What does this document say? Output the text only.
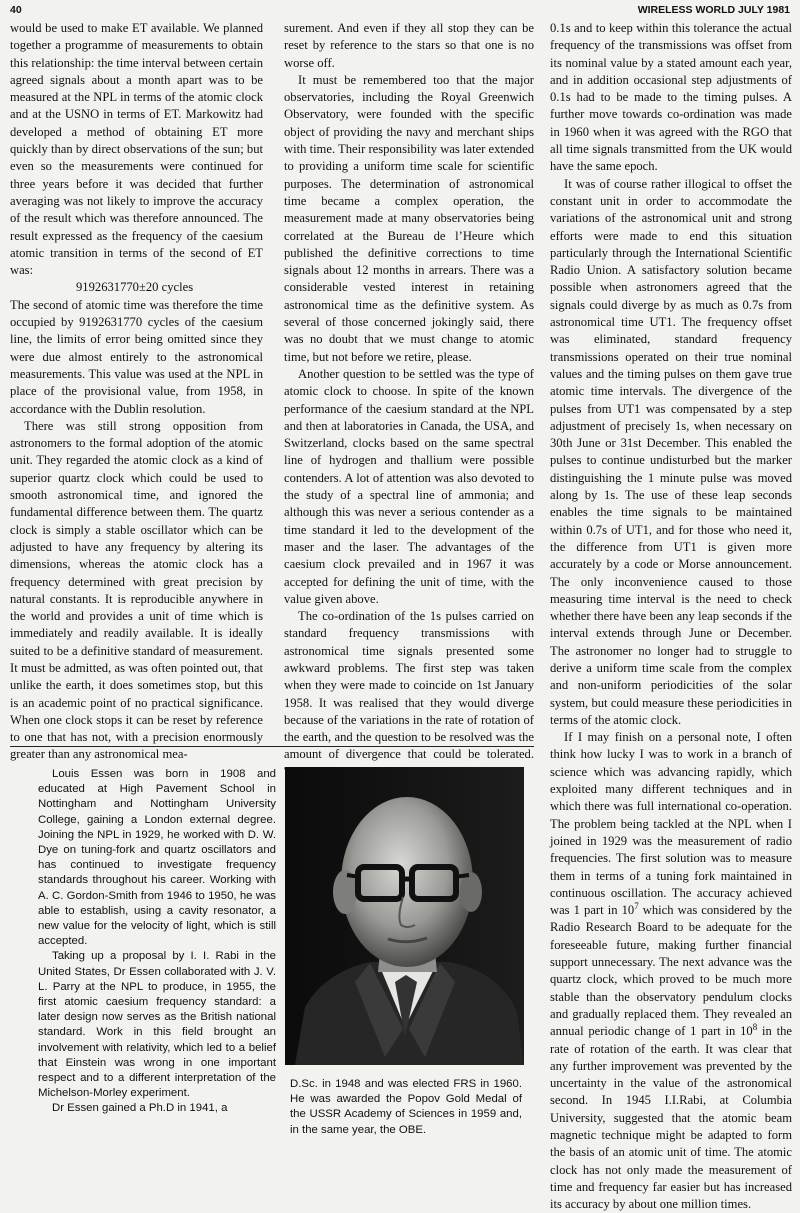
40	WIRELESS WORLD JULY 1981

would be used to make ET available. We planned together a programme of measurements to obtain this relationship: the time interval between certain agreed signals about a month apart was to be measured at the NPL in terms of the atomic clock and at the USNO in terms of ET. Markowitz had developed a method of obtaining ET more quickly than by direct observations of the sun; but even so the measurements were continued for three years before it was decided that further averaging was not likely to improve the accuracy of the result which was therefore announced. The result expressed as the frequency of the caesium atomic transition in terms of the second of ET was:

9192631770±20 cycles

The second of atomic time was therefore the time occupied by 9192631770 cycles of the caesium line, the limits of error being omitted since they were due almost entirely to the astronomical measurements. This value was used at the NPL in place of the provisional value, from 1958, in accordance with the Dublin resolution.

There was still strong opposition from astronomers to the formal adoption of the atomic unit. They regarded the atomic clock as a kind of superior quartz clock which could be used to smooth astronomical time, and ignored the fundamental difference between them. The quartz clock is simply a stable oscillator which can be adjusted to have any frequency by altering its dimensions, whereas the atomic clock has a frequency determined with great precision by natural constants. It is reproducible anywhere in the world and provides a unit of time which is immediately and readily available. It is ideally suited to be a definitive standard of measurement. It must be admitted, as was often pointed out, that unlike the earth, it does sometimes stop, but this is an academic point of no practical significance. When one clock stops it can be reset by reference to one that has not, with a precision enormously greater than any astronomical mea-

surement. And even if they all stop they can be reset by reference to the stars so that one is no worse off.

It must be remembered too that the major observatories, including the Royal Greenwich Observatory, were founded with the specific object of providing the navy and merchant ships with time. Their responsibility was later extended to providing a uniform time scale for scientific purposes. The determination of astronomical time became a complex operation, the measurement made at many observatories being correlated at the Bureau de l’Heure which published the definitive corrections to time signals about 12 months in arrears. There was a considerable vested interest in retaining astronomical time as the definitive system. As several of those concerned jokingly said, there was no doubt that we must change to atomic time, but not before we retire, please.

Another question to be settled was the type of atomic clock to choose. In spite of the known performance of the caesium standard at the NPL and then at laboratories in Canada, the USA, and Switzerland, clocks based on the same spectral line of hydrogen and thallium were possible contenders. A lot of attention was also devoted to the study of a spectral line of ammonia; and although this was never a serious contender as a time standard it led to the development of the maser and the laser. The advantages of the caesium clock prevailed and in 1967 it was accepted for defining the unit of time, with the value given above.

The co-ordination of the 1s pulses carried on standard frequency transmissions with astronomical time signals presented some awkward problems. The first step was taken when they were made to coincide on 1st January 1958. It was realised that they would diverge because of the variations in the rate of rotation of the earth, and the question to be resolved was the amount of divergence that could be tolerated.

0.1s and to keep within this tolerance the actual frequency of the transmissions was offset from its nominal value by a stated amount each year, and in addition occasional step adjustments of 0.1s had to be made to the timing pulses. A further move towards co-ordination was made in 1960 when it was agreed with the RGO that all time signals transmitted from the UK would have the same epoch.

It was of course rather illogical to offset the constant unit in order to accommodate the variations of the astronomical unit and strong efforts were made to end this situation particularly through the International Scientific Radio Union. A satisfactory solution became possible when astronomers agreed that the signals could diverge by as much as 0.7s from astronomical time UT1. The frequency offset was eliminated, standard frequency transmissions operated on their true nominal values and the timing pulses on them gave true atomic time intervals. The divergence of the pulses from UT1 was compensated by a step adjustment of precisely 1s, when necessary on 30th June or 31st December. This enabled the pulses to continue undisturbed but the marker distinguishing the 1 minute pulse was moved along by 1s. The use of these leap seconds enables the time signals to be maintained within 0.7s of UT1, and for those who need it, the difference from UT1 is given more accurately by a code or Morse announcement. The only inconvenience caused to those measuring time interval is the need to check whether there have been any leap seconds if the interval extends through June or December. The astronomer no longer had to struggle to derive a uniform time scale from the complex and non-uniform periodicities of the solar system, but could measure these periodicities in terms of the atomic clock.

If I may finish on a personal note, I often think how lucky I was to work in a branch of science which was advancing rapidly, which exploited many different techniques and in which there was full international co-operation. The problem being tackled at the NPL when I joined in 1929 was the measurement of radio frequencies. The first solution was to measure them in terms of a tuning fork maintained in continuous oscillation. The accuracy achieved was 1 part in $10^7$ which was considered by the Radio Research Board to be adequate for the foreseeable future, making further financial support unnecessary. The next advance was the quartz clock, which proved to be much more stable than the observatory pendulum clocks and gradually replaced them. They revealed an annual periodic change of 1 part in $10^8$ in the rate of rotation of the earth. It was clear that any further improvement was prevented by the uncertainty in the value of the astronomical second. In 1945 I.I.Rabi, at Columbia University, suggested that the atomic beam magnetic technique might be adapted to form the basis of an atomic unit of time. The atomic clock has not only made the measurement of time and frequency far easier but has increased its accuracy by about one million times.

Louis Essen was born in 1908 and educated at High Pavement School in Nottingham and Nottingham University College, gaining a London external degree. Joining the NPL in 1929, he worked with D. W. Dye on tuning-fork and quartz oscillators and has continued to investigate frequency standards throughout his career. Working with A. C. Gordon-Smith from 1946 to 1950, he was able to establish, using a cavity resonator, a new value for the velocity of light, which is still accepted.

Taking up a proposal by I. I. Rabi in the United States, Dr Essen collaborated with J. V. L. Parry at the NPL to produce, in 1955, the first atomic caesium frequency standard: a later design now serves as the British national standard. Work in this field brought an involvement with relativity, which led to a belief that Einstein was wrong in one important respect and to a different interpretation of the Michelson-Morley experiment.

Dr Essen gained a Ph.D in 1941, a

D.Sc. in 1948 and was elected FRS in 1960. He was awarded the Popov Gold Medal of the USSR Academy of Sciences in 1959 and, in the same year, the OBE.
